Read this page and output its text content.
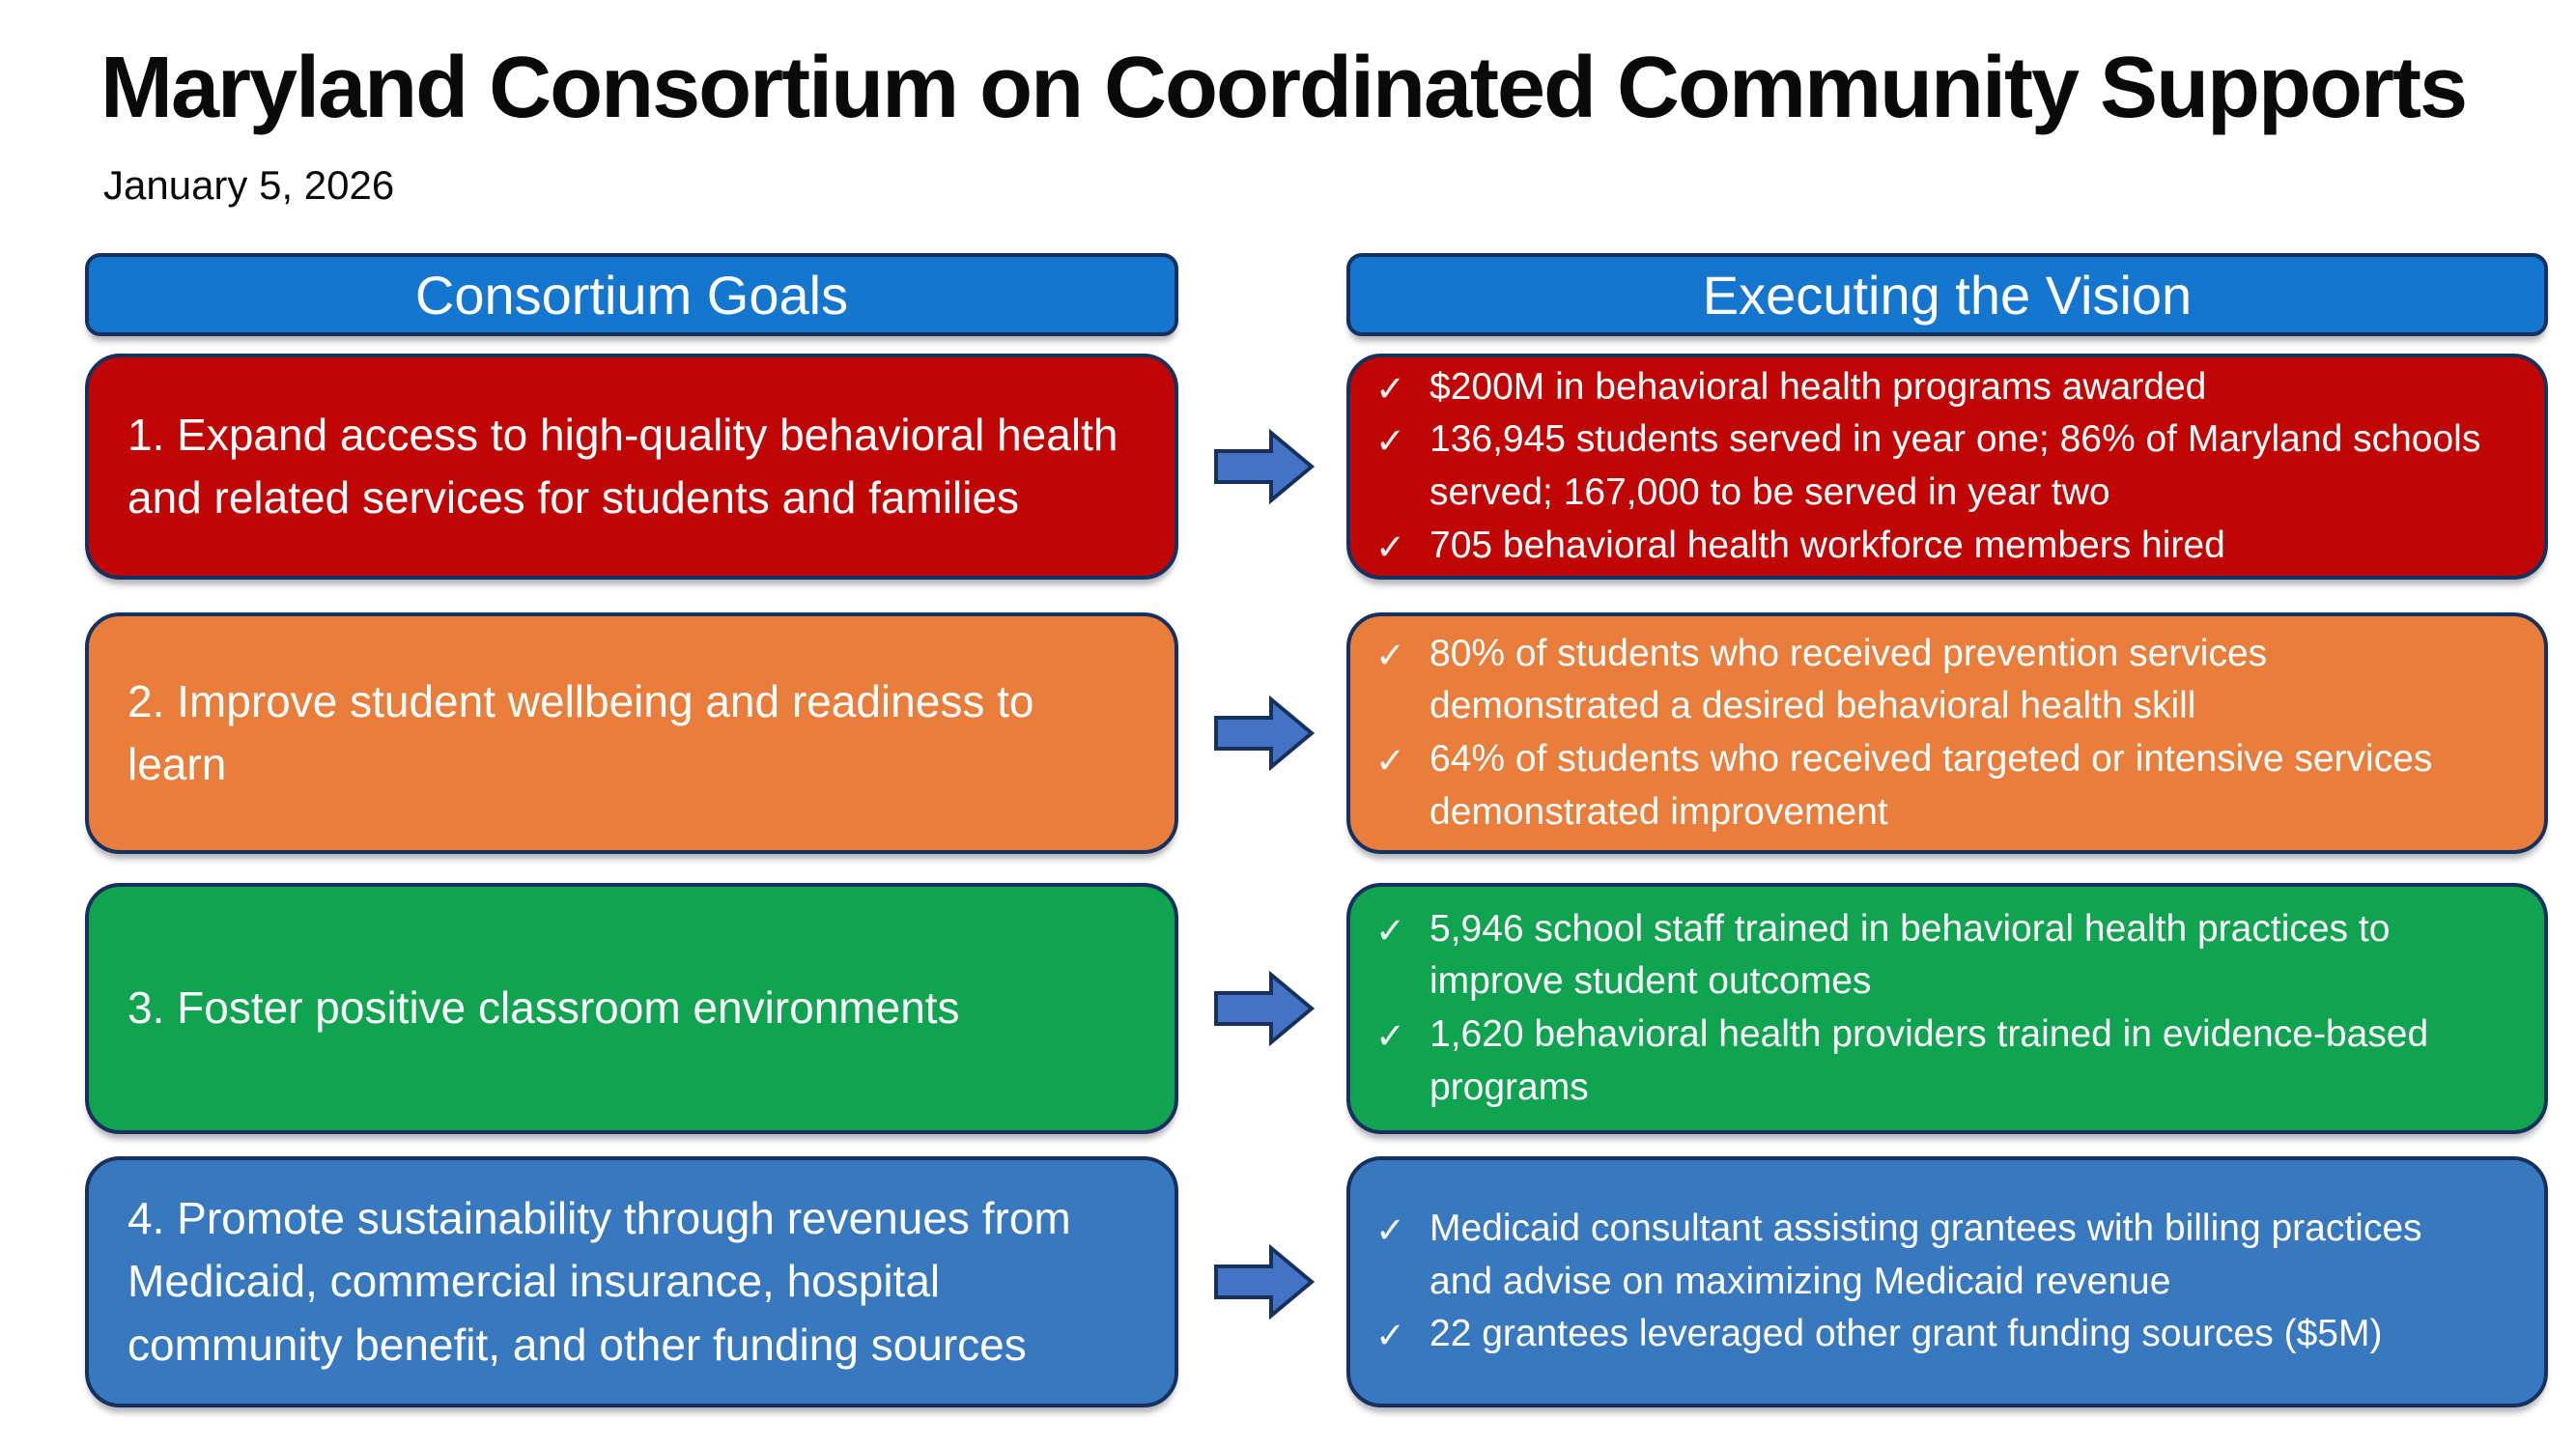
Maryland Consortium on Coordinated Community Supports
January 5, 2026
Consortium Goals	Executing the Vision
1. Expand access to high-quality behavioral health and related services for students and families
✓ $200M in behavioral health programs awarded
✓ 136,945 students served in year one; 86% of Maryland schools served; 167,000 to be served in year two
✓ 705 behavioral health workforce members hired
2. Improve student wellbeing and readiness to learn
✓ 80% of students who received prevention services demonstrated a desired behavioral health skill
✓ 64% of students who received targeted or intensive services demonstrated improvement
3. Foster positive classroom environments
✓ 5,946 school staff trained in behavioral health practices to improve student outcomes
✓ 1,620 behavioral health providers trained in evidence-based programs
4. Promote sustainability through revenues from Medicaid, commercial insurance, hospital community benefit, and other funding sources
✓ Medicaid consultant assisting grantees with billing practices and advise on maximizing Medicaid revenue
✓ 22 grantees leveraged other grant funding sources ($5M)
